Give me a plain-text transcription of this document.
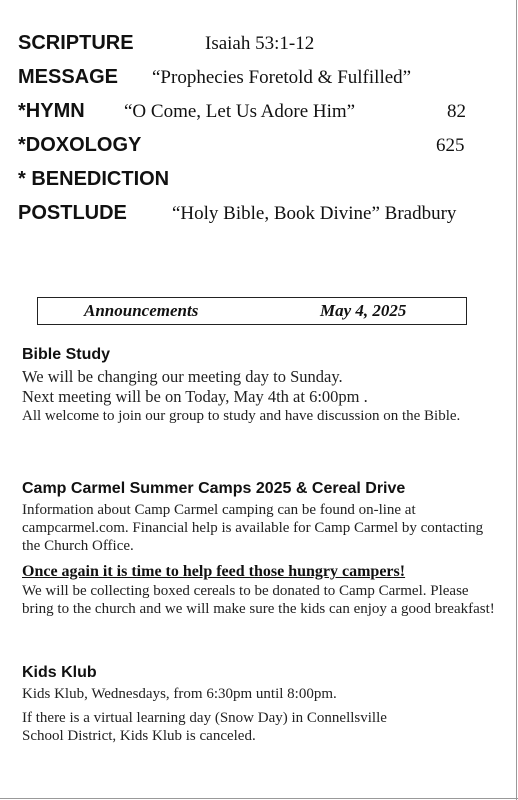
SCRIPTURE	Isaiah 53:1-12
MESSAGE “Prophecies Foretold & Fulfilled”
*HYMN “O Come, Let Us Adore Him”	82
*DOXOLOGY	625
* BENEDICTION
POSTLUDE “Holy Bible, Book Divine” Bradbury
Announcements	May 4, 2025

Bible Study

We will be changing our meeting day to Sunday.

Next meeting will be on Today, May 4th at 6:00pm .

All welcome to join our group to study and have discussion on the Bible.

Camp Carmel Summer Camps 2025 & Cereal Drive

Information about Camp Carmel camping can be found on-line at campcarmel.com. Financial help is available for Camp Carmel by contacting the Church Office.

Once again it is time to help feed those hungry campers!

We will be collecting boxed cereals to be donated to Camp Carmel. Please bring to the church and we will make sure the kids can enjoy a good breakfast!

Kids Klub

Kids Klub, Wednesdays, from 6:30pm until 8:00pm.

If there is a virtual learning day (Snow Day) in Connellsville School District, Kids Klub is canceled.
